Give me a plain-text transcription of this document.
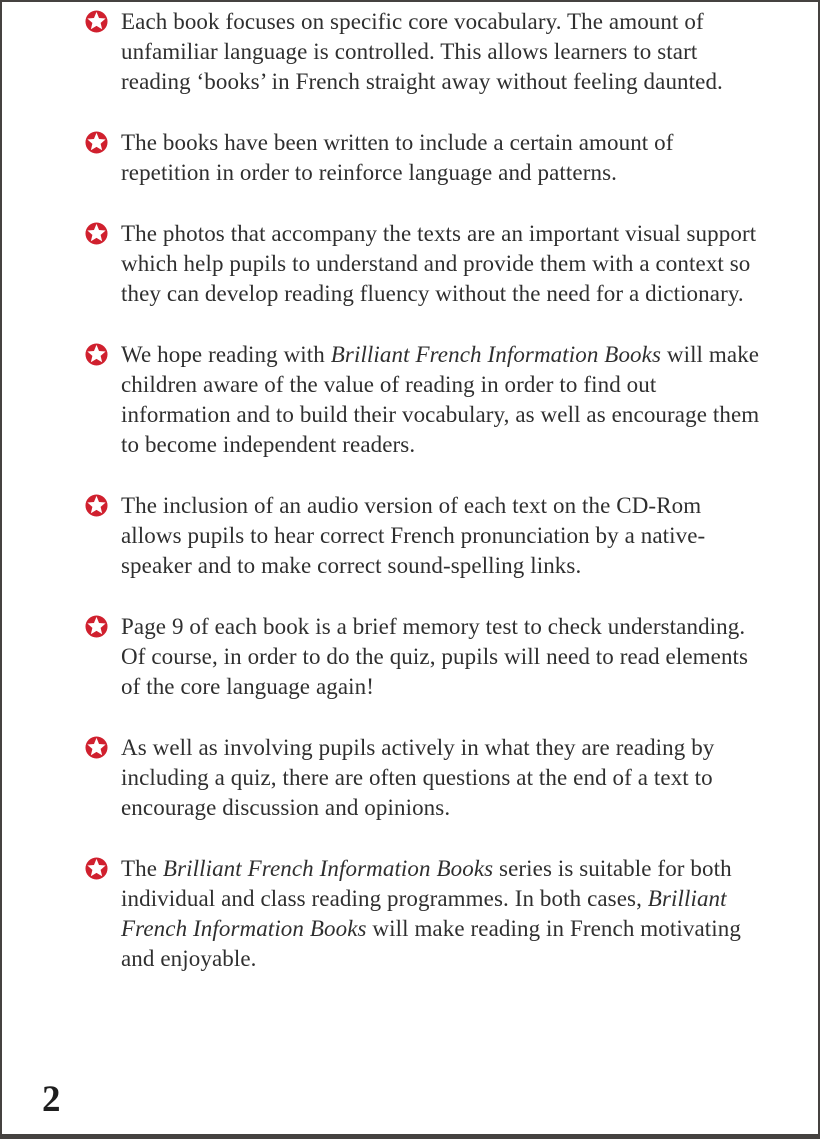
Each book focuses on specific core vocabulary. The amount of unfamiliar language is controlled. This allows learners to start reading ‘books’ in French straight away without feeling daunted.
The books have been written to include a certain amount of repetition in order to reinforce language and patterns.
The photos that accompany the texts are an important visual support which help pupils to understand and provide them with a context so they can develop reading fluency without the need for a dictionary.
We hope reading with Brilliant French Information Books will make children aware of the value of reading in order to find out information and to build their vocabulary, as well as encourage them to become independent readers.
The inclusion of an audio version of each text on the CD-Rom allows pupils to hear correct French pronunciation by a native-speaker and to make correct sound-spelling links.
Page 9 of each book is a brief memory test to check understanding. Of course, in order to do the quiz, pupils will need to read elements of the core language again!
As well as involving pupils actively in what they are reading by including a quiz, there are often questions at the end of a text to encourage discussion and opinions.
The Brilliant French Information Books series is suitable for both individual and class reading programmes. In both cases, Brilliant French Information Books will make reading in French motivating and enjoyable.
2
